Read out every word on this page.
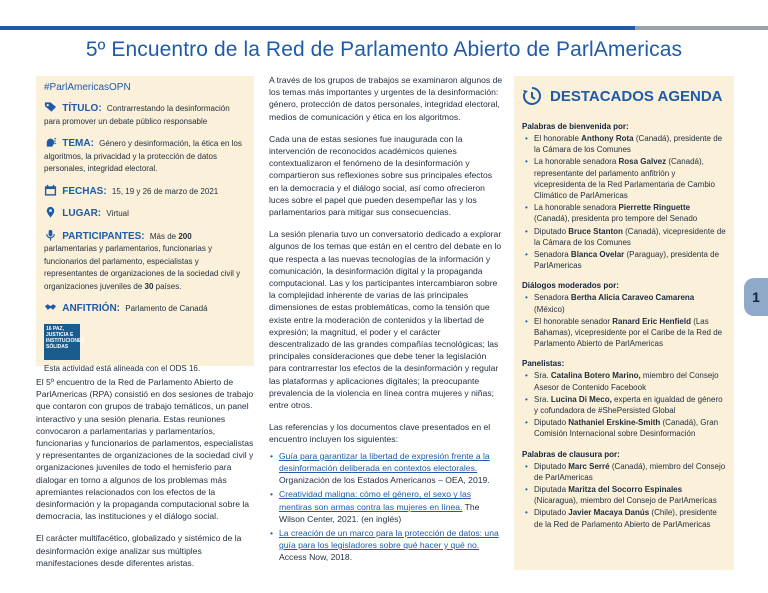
5º Encuentro de la Red de Parlamento Abierto de ParlAmericas
1
#ParlAmericasOPN
TÍTULO: Contrarrestando la desinformación para promover un debate público responsable
TEMA: Género y desinformación, la ética en los algoritmos, la privacidad y la protección de datos personales, integridad electoral.
FECHAS: 15, 19 y 26 de marzo de 2021
LUGAR: Virtual
PARTICIPANTES: Más de 200 parlamentarias y parlamentarios, funcionarias y funcionarios del parlamento, especialistas y representantes de organizaciones de la sociedad civil y organizaciones juveniles de 30 países.
ANFITRIÓN: Parlamento de Canadá
16 PAZ, JUSTICIA E INSTITUCIONES SÓLIDAS
Esta actividad está alineada con el ODS 16.

El 5º encuentro de la Red de Parlamento Abierto de ParlAmericas (RPA) consistió en dos sesiones de trabajo que contaron con grupos de trabajo temáticos, un panel interactivo y una sesión plenaria. Estas reuniones convocaron a parlamentarias y parlamentarios, funcionarias y funcionarios de parlamentos, especialistas y representantes de organizaciones de la sociedad civil y organizaciones juveniles de todo el hemisferio para dialogar en torno a algunos de los problemas más apremiantes relacionados con los efectos de la desinformación y la propaganda computacional sobre la democracia, las instituciones y el diálogo social.

El carácter multifacético, globalizado y sistémico de la desinformación exige analizar sus múltiples manifestaciones desde diferentes aristas.

A través de los grupos de trabajos se examinaron algunos de los temas más importantes y urgentes de la desinformación: género, protección de datos personales, integridad electoral, medios de comunicación y ética en los algoritmos.

Cada una de estas sesiones fue inaugurada con la intervención de reconocidos académicos quienes contextualizaron el fenómeno de la desinformación y compartieron sus reflexiones sobre sus principales efectos en la democracia y el diálogo social, así como ofrecieron luces sobre el papel que pueden desempeñar las y los parlamentarios para mitigar sus consecuencias.

La sesión plenaria tuvo un conversatorio dedicado a explorar algunos de los temas que están en el centro del debate en lo que respecta a las nuevas tecnologías de la información y comunicación, la desinformación digital y la propaganda computacional. Las y los participantes intercambiaron sobre la complejidad inherente de varias de las principales dimensiones de estas problemáticas, como la tensión que existe entre la moderación de contenidos y la libertad de expresión; la magnitud, el poder y el carácter descentralizado de las grandes compañías tecnológicas; las principales consideraciones que debe tener la legislación para contrarrestar los efectos de la desinformación y regular las plataformas y aplicaciones digitales; la preocupante prevalencia de la violencia en línea contra mujeres y niñas; entre otros.

Las referencias y los documentos clave presentados en el encuentro incluyen los siguientes:

• Guía para garantizar la libertad de expresión frente a la desinformación deliberada en contextos electorales. Organización de los Estados Americanos – OEA, 2019.
• Creatividad maligna: cómo el género, el sexo y las mentiras son armas contra las mujeres en línea. The Wilson Center, 2021. (en inglés)
• La creación de un marco para la protección de datos: una guía para los legisladores sobre qué hacer y qué no. Access Now, 2018.
DESTACADOS AGENDA
Palabras de bienvenida por:
• El honorable Anthony Rota (Canadá), presidente de la Cámara de los Comunes
• La honorable senadora Rosa Galvez (Canadá), representante del parlamento anfitrión y vicepresidenta de la Red Parlamentaria de Cambio Climático de ParlAmericas
• La honorable senadora Pierrette Ringuette (Canadá), presidenta pro tempore del Senado
• Diputado Bruce Stanton (Canadá), vicepresidente de la Cámara de los Comunes
• Senadora Blanca Ovelar (Paraguay), presidenta de ParlAmericas
Diálogos moderados por:
• Senadora Bertha Alicia Caraveo Camarena (México)
• El honorable senador Ranard Eric Henfield (Las Bahamas), vicepresidente por el Caribe de la Red de Parlamento Abierto de ParlAmericas
Panelistas:
• Sra. Catalina Botero Marino, miembro del Consejo Asesor de Contenido Facebook
• Sra. Lucina Di Meco, experta en igualdad de género y cofundadora de #ShePersisted Global
• Diputado Nathaniel Erskine-Smith (Canadá), Gran Comisión Internacional sobre Desinformación
Palabras de clausura por:
• Diputado Marc Serré (Canadá), miembro del Consejo de ParlAmericas
• Diputada Maritza del Socorro Espinales (Nicaragua), miembro del Consejo de ParlAmericas
• Diputado Javier Macaya Danús (Chile), presidente de la Red de Parlamento Abierto de ParlAmericas
